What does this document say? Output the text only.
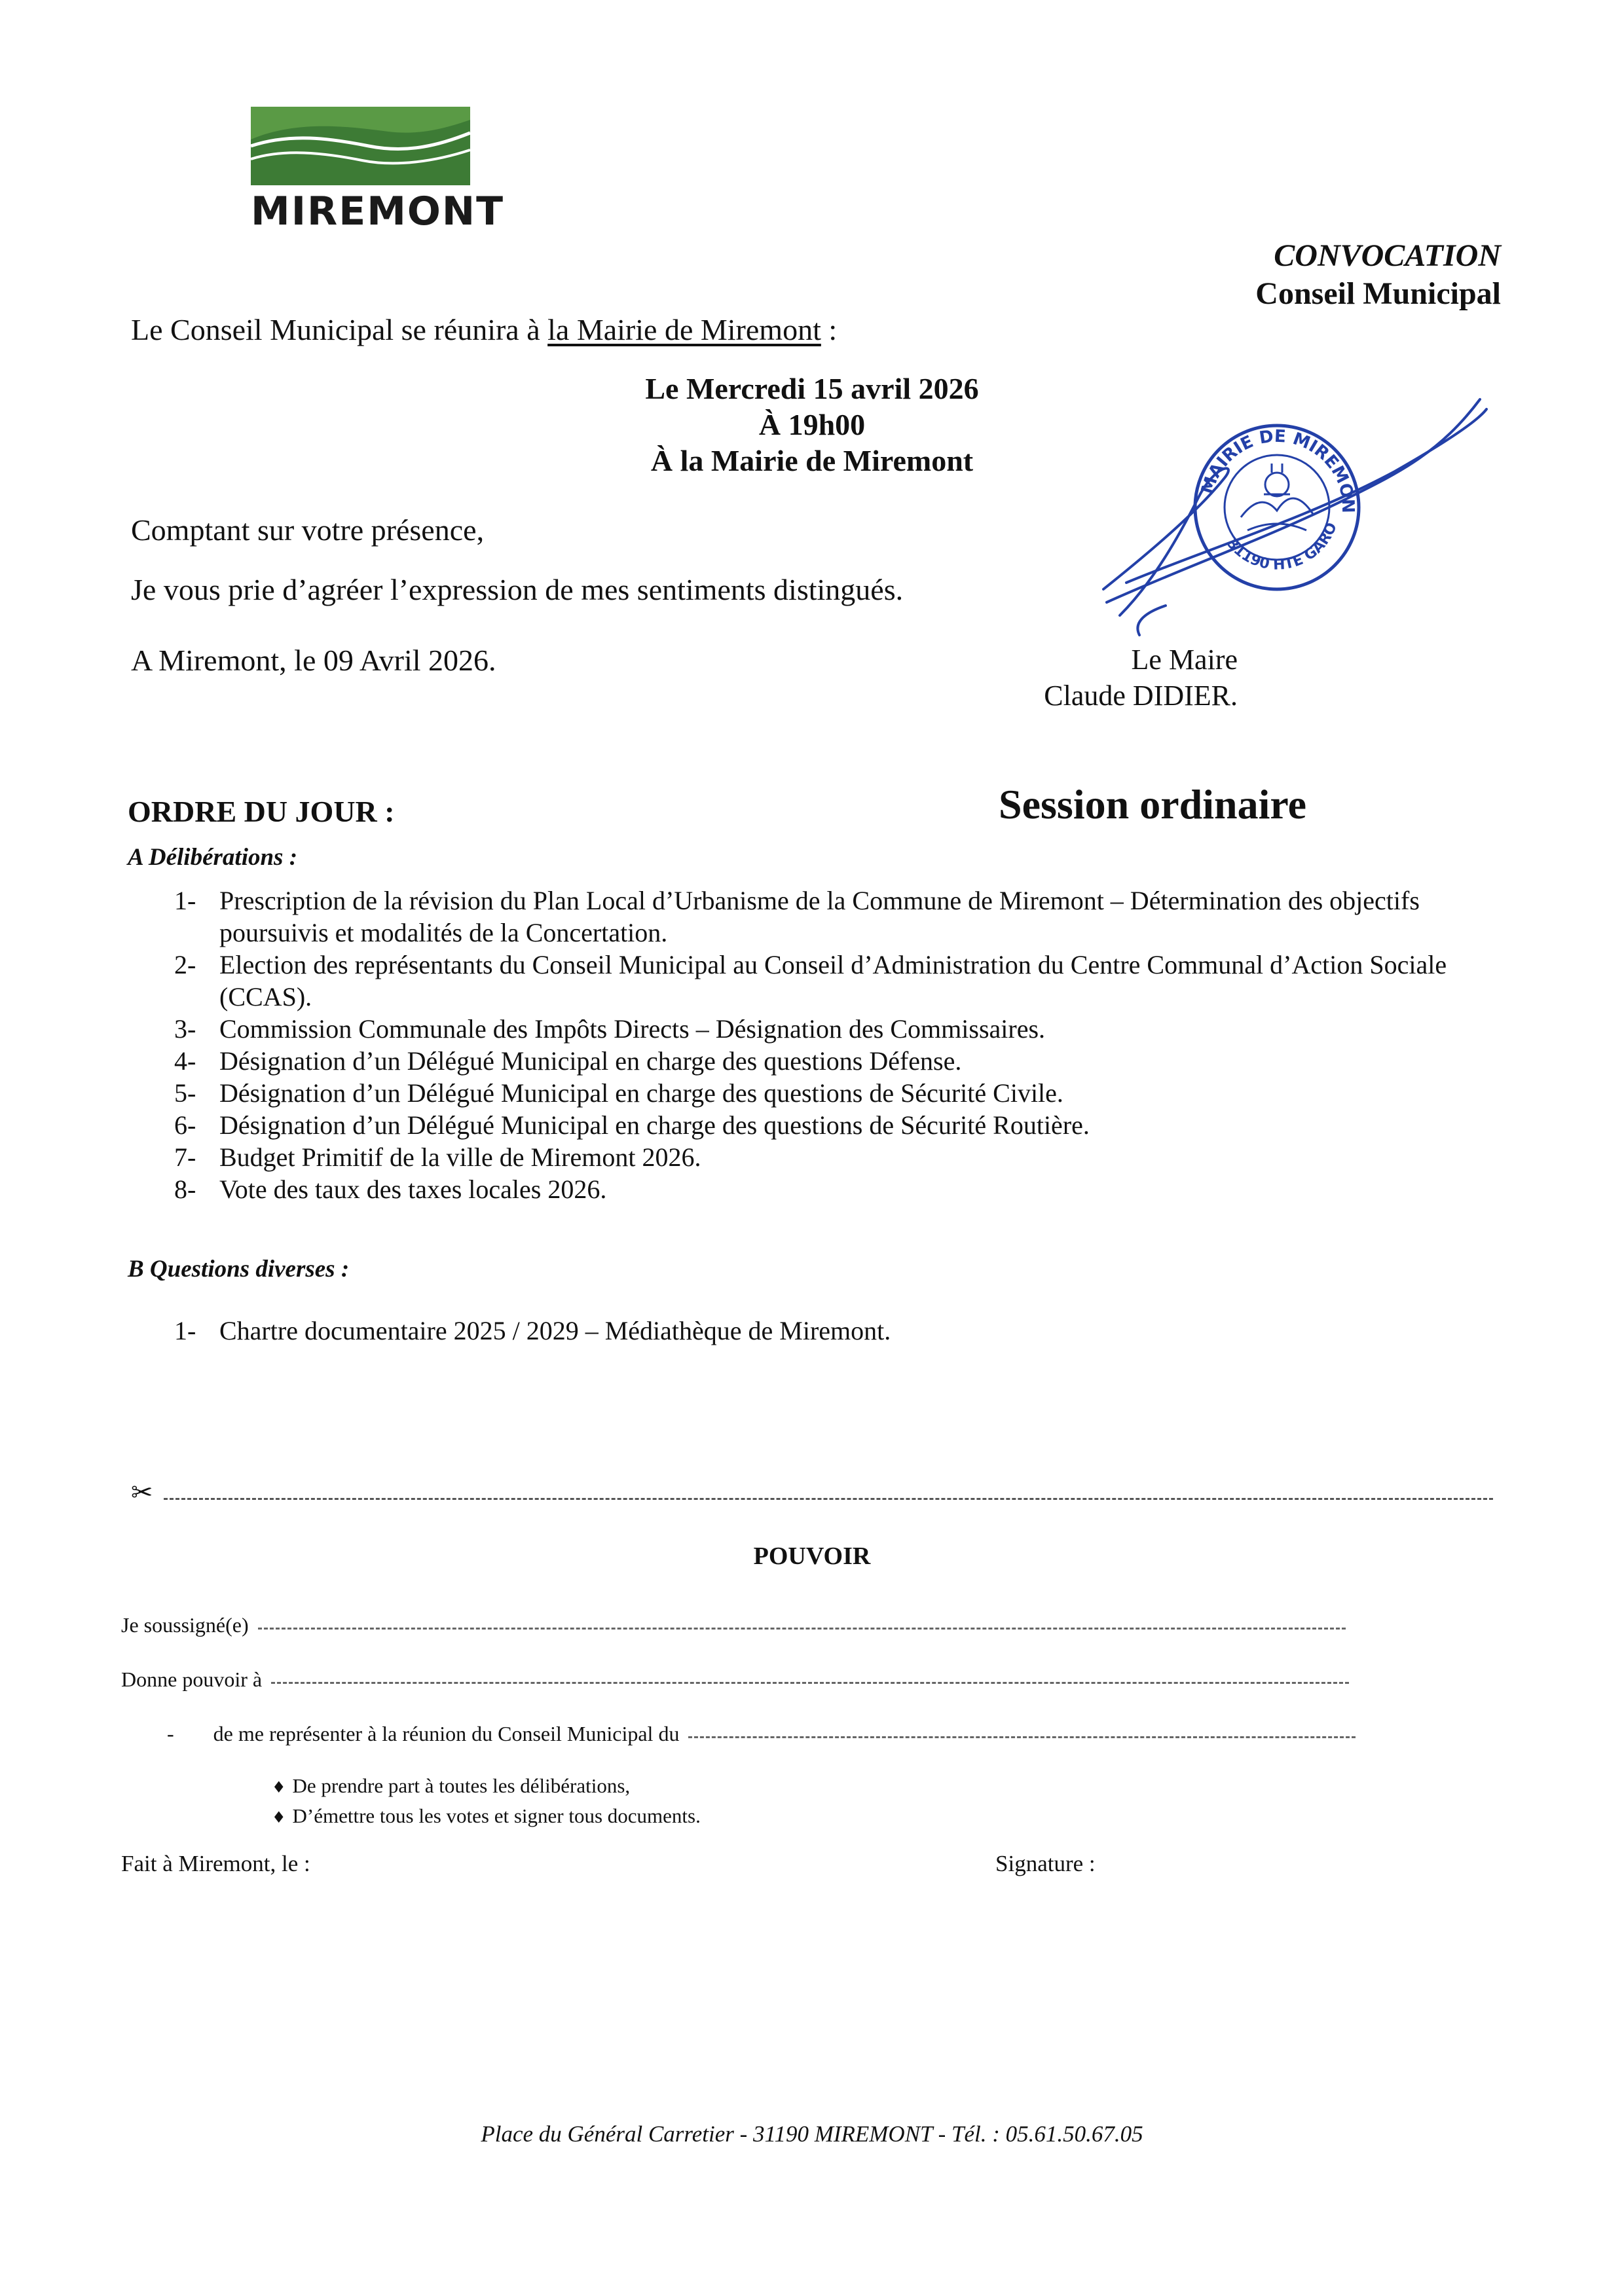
MIREMONT
CONVOCATION
Conseil Municipal
Le Conseil Municipal se réunira à la Mairie de Miremont :
Le Mercredi 15 avril 2026
À 19h00
À la Mairie de Miremont
Comptant sur votre présence,
Je vous prie d’agréer l’expression de mes sentiments distingués.
A Miremont, le 09 Avril 2026.
MAIRIE DE MIREMON
31190 HTE GARO
Le Maire
Claude DIDIER.
ORDRE DU JOUR :	Session ordinaire
A Délibérations :
1- Prescription de la révision du Plan Local d’Urbanisme de la Commune de Miremont – Détermination des objectifs poursuivis et modalités de la Concertation.
2- Election des représentants du Conseil Municipal au Conseil d’Administration du Centre Communal d’Action Sociale (CCAS).
3- Commission Communale des Impôts Directs – Désignation des Commissaires.
4- Désignation d’un Délégué Municipal en charge des questions Défense.
5- Désignation d’un Délégué Municipal en charge des questions de Sécurité Civile.
6- Désignation d’un Délégué Municipal en charge des questions de Sécurité Routière.
7- Budget Primitif de la ville de Miremont 2026.
8- Vote des taux des taxes locales 2026.
B Questions diverses :
1- Chartre documentaire 2025 / 2029 – Médiathèque de Miremont.
✂
POUVOIR
Je soussigné(e)
Donne pouvoir à
- de me représenter à la réunion du Conseil Municipal du
♦ De prendre part à toutes les délibérations,
♦ D’émettre tous les votes et signer tous documents.
Fait à Miremont, le :	Signature :
Place du Général Carretier - 31190 MIREMONT - Tél. : 05.61.50.67.05
